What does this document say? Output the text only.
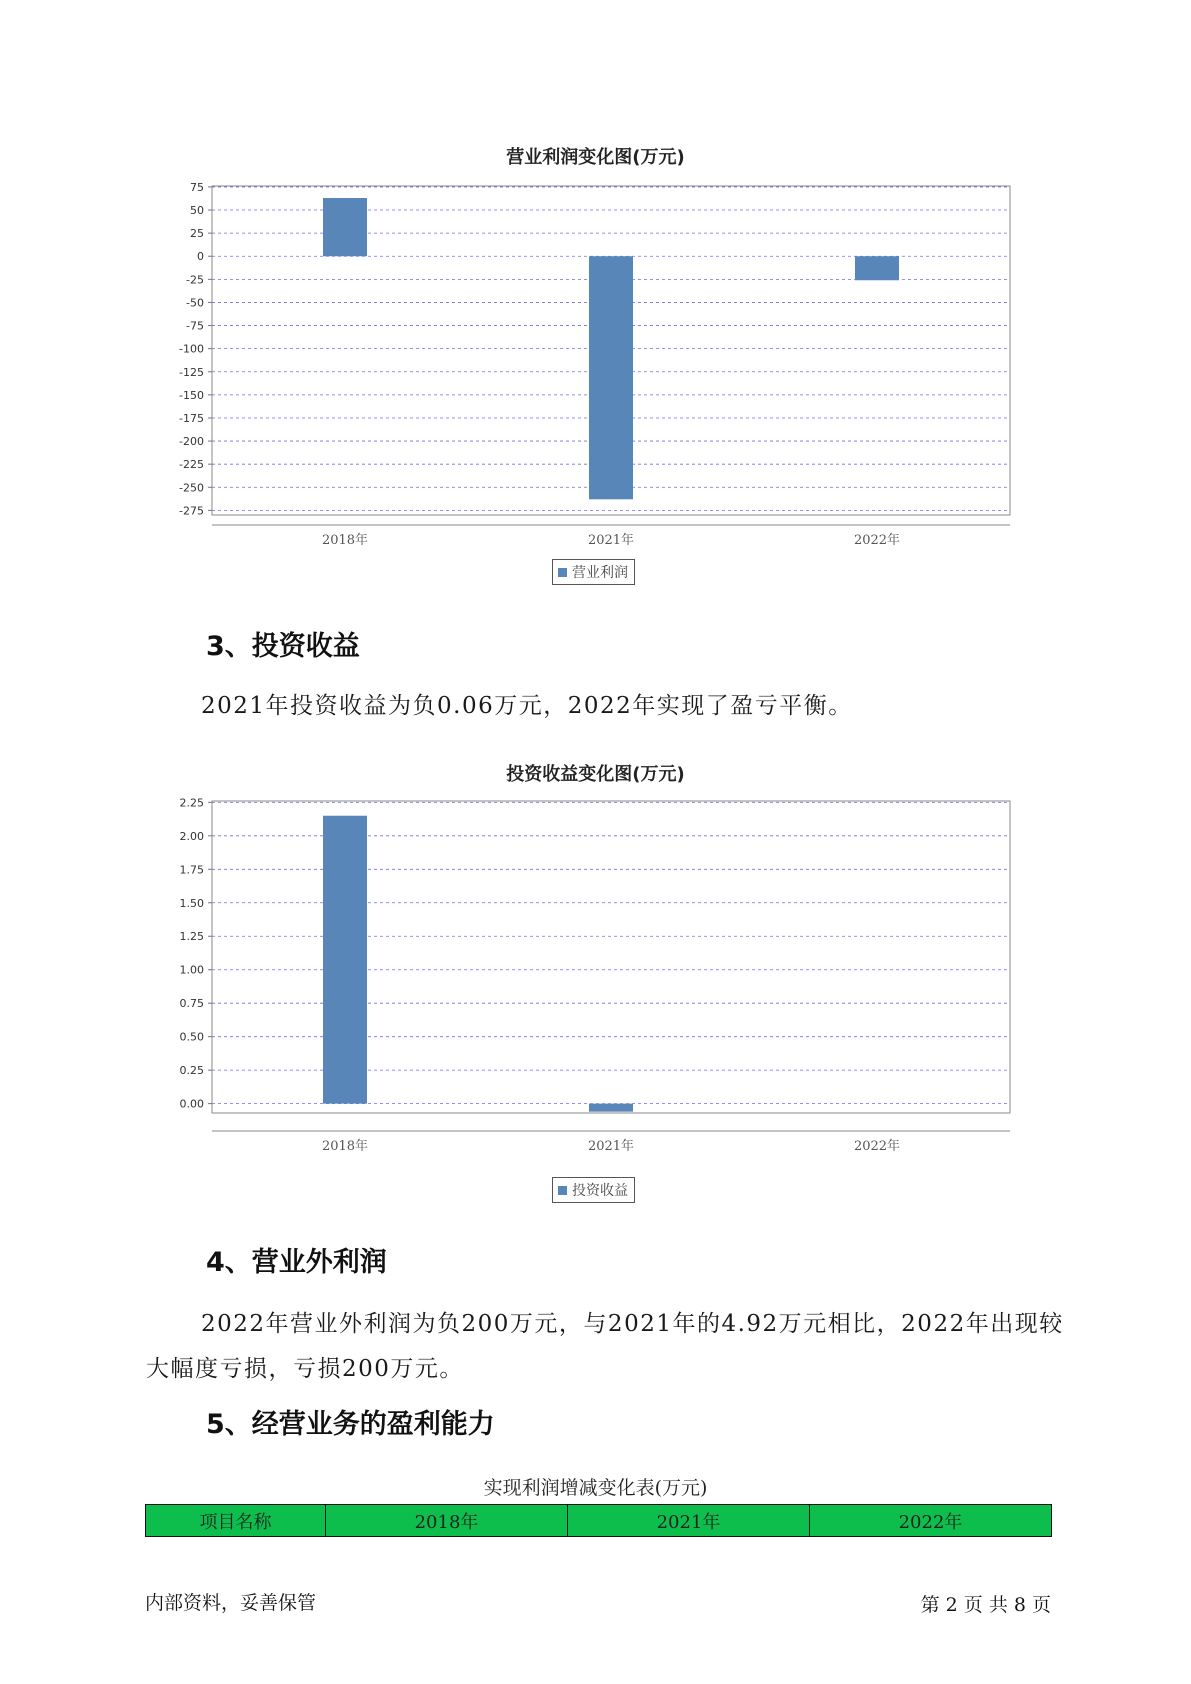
营业利润变化图(万元)
75
50
25
0
-25
-50
-75
-100
-125
-150
-175
-200
-225
-250
-275
2018年	2021年	2022年
营业利润
3、投资收益
2021年投资收益为负0.06万元，2022年实现了盈亏平衡。
投资收益变化图(万元)
2.25
2.00
1.75
1.50
1.25
1.00
0.75
0.50
0.25
0.00
2018年	2021年	2022年
投资收益
4、营业外利润
2022年营业外利润为负200万元，与2021年的4.92万元相比，2022年出现较大幅度亏损，亏损200万元。
5、经营业务的盈利能力
实现利润增减变化表(万元)
项目名称	2018年	2021年	2022年
内部资料，妥善保管	第 2 页 共 8 页
